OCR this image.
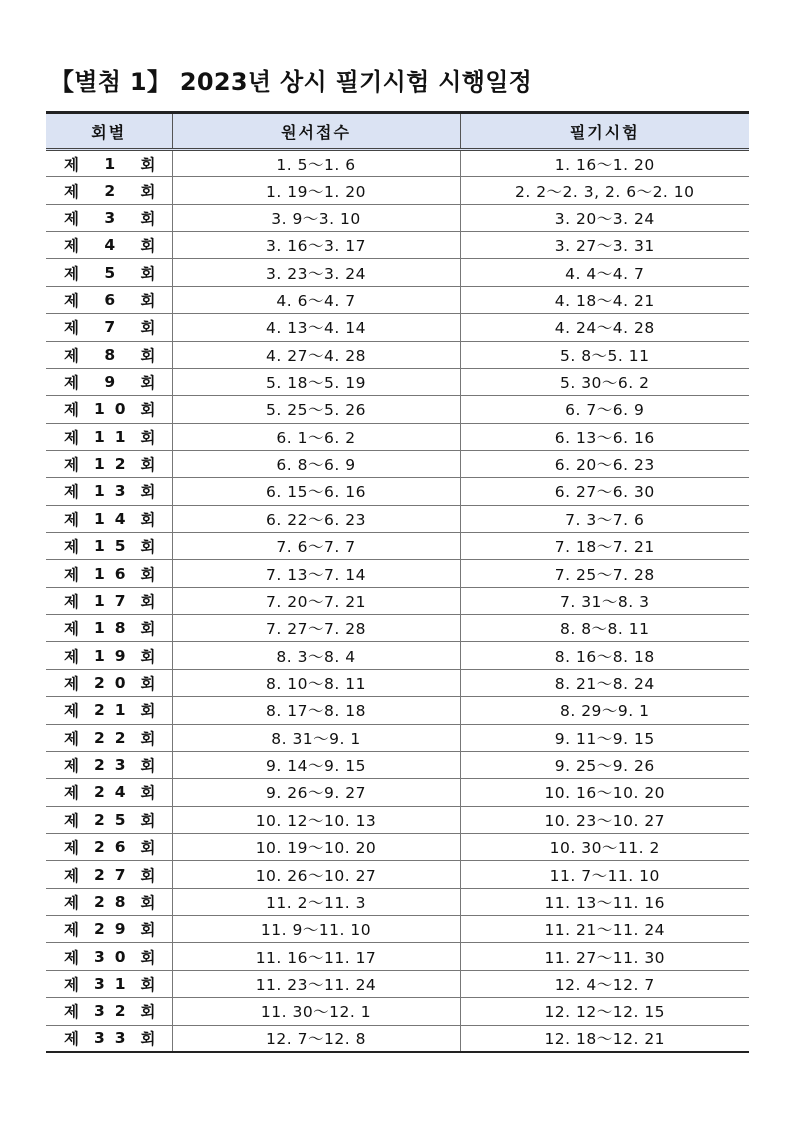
【별첨 1】 2023년 상시 필기시험 시행일정
회별	원서접수	필기시험

제 1 회	1. 5～1. 6	1. 16～1. 20

제 2 회	1. 19～1. 20	2. 2～2. 3, 2. 6～2. 10

제 3 회	3. 9～3. 10	3. 20～3. 24

제 4 회	3. 16～3. 17	3. 27～3. 31

제 5 회	3. 23～3. 24	4. 4～4. 7

제 6 회	4. 6～4. 7	4. 18～4. 21

제 7 회	4. 13～4. 14	4. 24～4. 28

제 8 회	4. 27～4. 28	5. 8～5. 11

제 9 회	5. 18～5. 19	5. 30～6. 2

제 10 회	5. 25～5. 26	6. 7～6. 9

제 11 회	6. 1～6. 2	6. 13～6. 16

제 12 회	6. 8～6. 9	6. 20～6. 23

제 13 회	6. 15～6. 16	6. 27～6. 30

제 14 회	6. 22～6. 23	7. 3～7. 6

제 15 회	7. 6～7. 7	7. 18～7. 21

제 16 회	7. 13～7. 14	7. 25～7. 28

제 17 회	7. 20～7. 21	7. 31～8. 3

제 18 회	7. 27～7. 28	8. 8～8. 11

제 19 회	8. 3～8. 4	8. 16～8. 18

제 20 회	8. 10～8. 11	8. 21～8. 24

제 21 회	8. 17～8. 18	8. 29～9. 1

제 22 회	8. 31～9. 1	9. 11～9. 15

제 23 회	9. 14～9. 15	9. 25～9. 26

제 24 회	9. 26～9. 27	10. 16～10. 20

제 25 회	10. 12～10. 13	10. 23～10. 27

제 26 회	10. 19～10. 20	10. 30～11. 2

제 27 회	10. 26～10. 27	11. 7～11. 10

제 28 회	11. 2～11. 3	11. 13～11. 16

제 29 회	11. 9～11. 10	11. 21～11. 24

제 30 회	11. 16～11. 17	11. 27～11. 30

제 31 회	11. 23～11. 24	12. 4～12. 7

제 32 회	11. 30～12. 1	12. 12～12. 15

제 33 회	12. 7～12. 8	12. 18～12. 21
